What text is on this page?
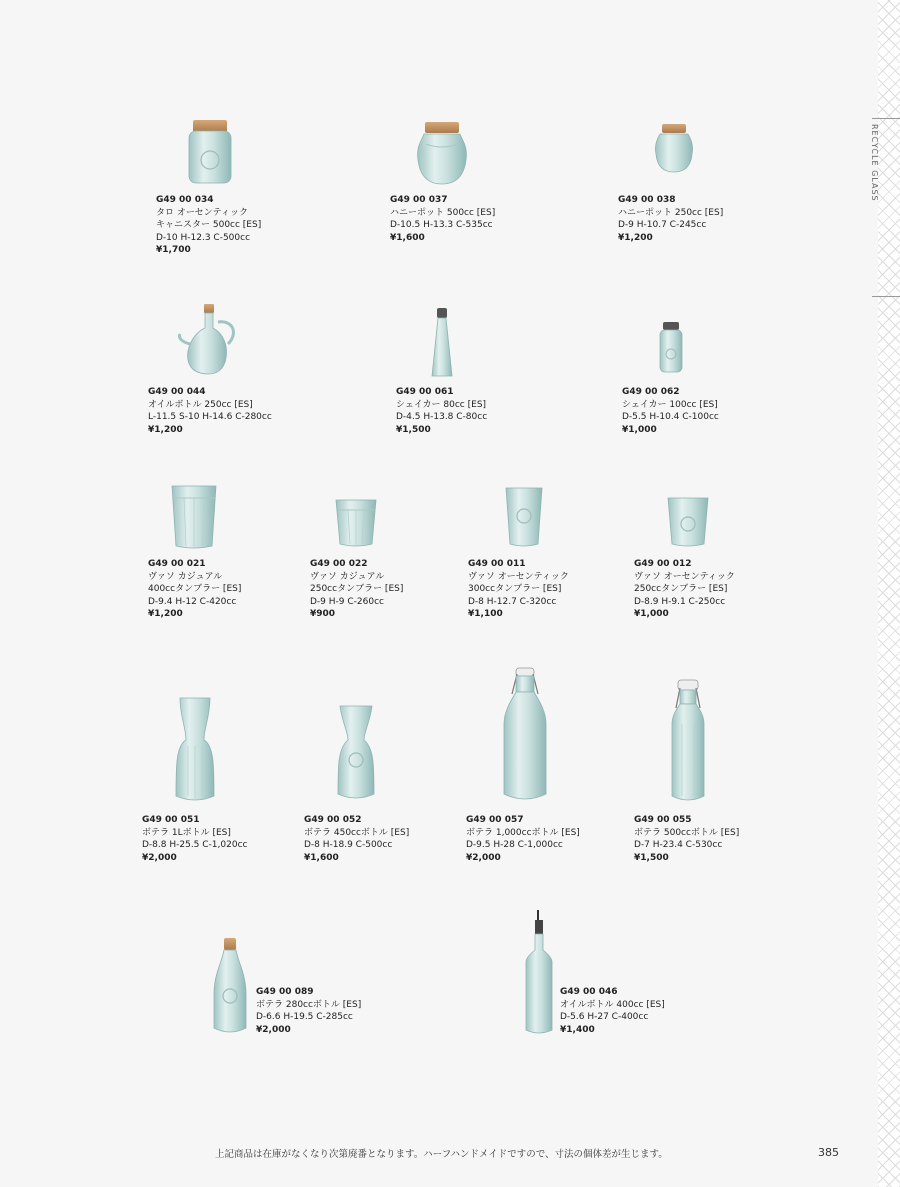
RECYCLE GLASS
G49 00 034
タロ オーセンティック
キャニスター 500cc [ES]
D-10 H-12.3 C-500cc
¥1,700
G49 00 037
ハニーポット 500cc [ES]
D-10.5 H-13.3 C-535cc
¥1,600
G49 00 038
ハニーポット 250cc [ES]
D-9 H-10.7 C-245cc
¥1,200
G49 00 044
オイルボトル 250cc [ES]
L-11.5 S-10 H-14.6 C-280cc
¥1,200
G49 00 061
シェイカー 80cc [ES]
D-4.5 H-13.8 C-80cc
¥1,500
G49 00 062
シェイカー 100cc [ES]
D-5.5 H-10.4 C-100cc
¥1,000
G49 00 021
ヴァソ カジュアル
400ccタンブラー [ES]
D-9.4 H-12 C-420cc
¥1,200
G49 00 022
ヴァソ カジュアル
250ccタンブラー [ES]
D-9 H-9 C-260cc
¥900
G49 00 011
ヴァソ オーセンティック
300ccタンブラー [ES]
D-8 H-12.7 C-320cc
¥1,100
G49 00 012
ヴァソ オーセンティック
250ccタンブラー [ES]
D-8.9 H-9.1 C-250cc
¥1,000
G49 00 051
ボテラ 1Lボトル [ES]
D-8.8 H-25.5 C-1,020cc
¥2,000
G49 00 052
ボテラ 450ccボトル [ES]
D-8 H-18.9 C-500cc
¥1,600
G49 00 057
ボテラ 1,000ccボトル [ES]
D-9.5 H-28 C-1,000cc
¥2,000
G49 00 055
ボテラ 500ccボトル [ES]
D-7 H-23.4 C-530cc
¥1,500
G49 00 089
ボテラ 280ccボトル [ES]
D-6.6 H-19.5 C-285cc
¥2,000
G49 00 046
オイルボトル 400cc [ES]
D-5.6 H-27 C-400cc
¥1,400
上記商品は在庫がなくなり次第廃番となります。ハーフハンドメイドですので、寸法の個体差が生じます。	385
